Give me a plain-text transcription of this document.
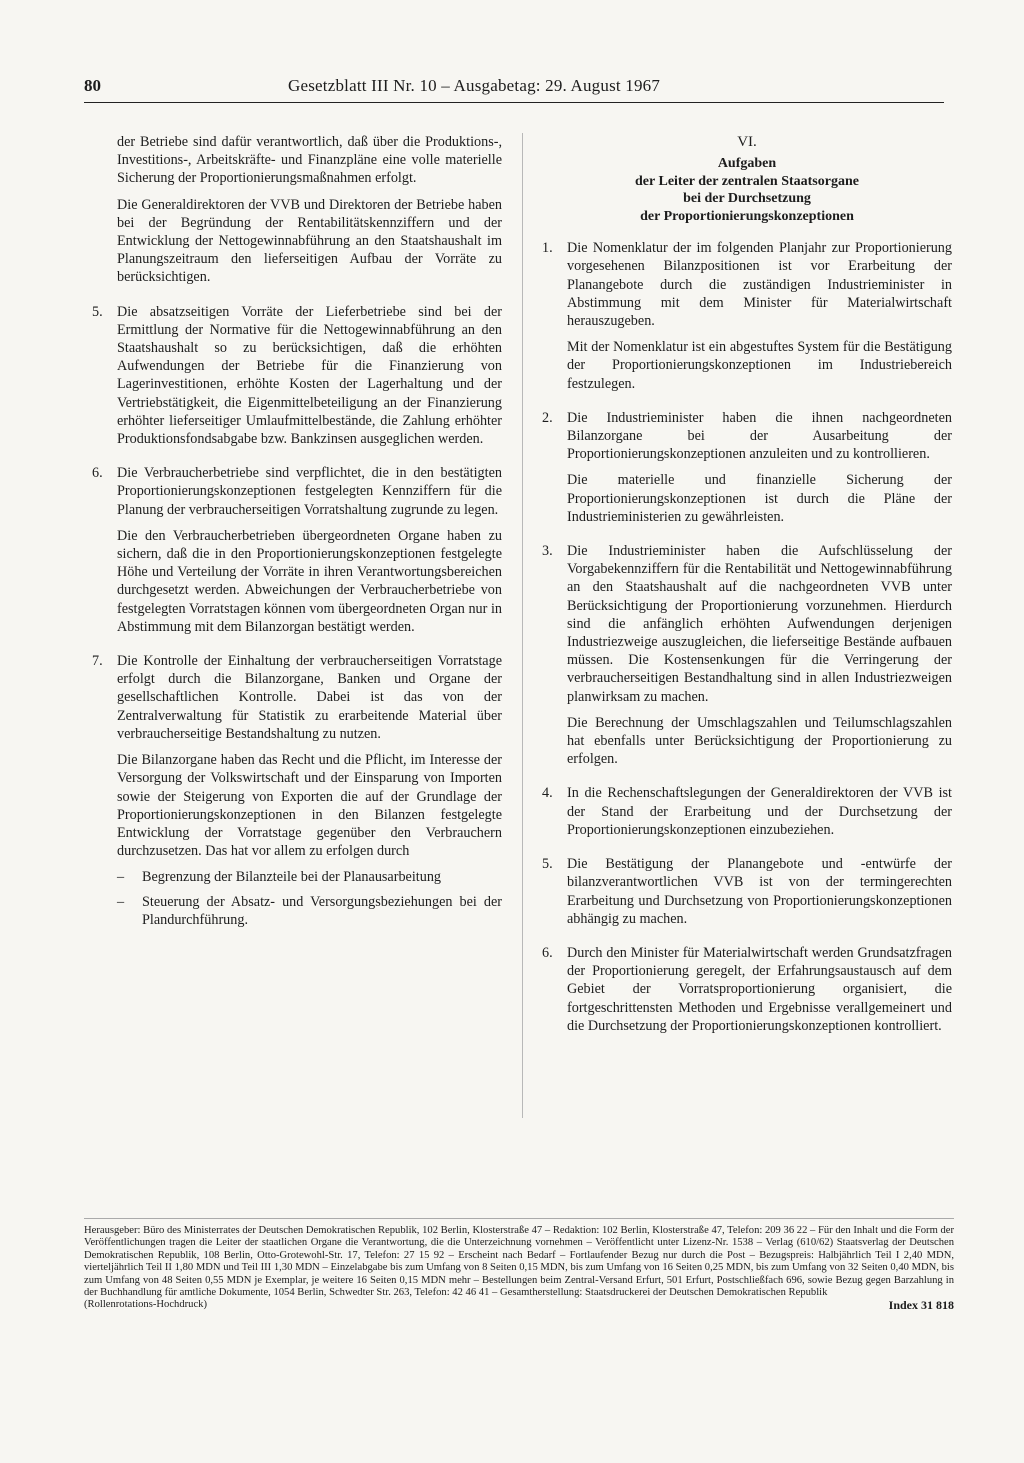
80	Gesetzblatt III Nr. 10 – Ausgabetag: 29. August 1967

der Betriebe sind dafür verantwortlich, daß über die Produktions-, Investitions-, Arbeitskräfte- und Finanzpläne eine volle materielle Sicherung der Proportionierungsmaßnahmen erfolgt.

Die Generaldirektoren der VVB und Direktoren der Betriebe haben bei der Begründung der Rentabilitätskennziffern und der Entwicklung der Nettogewinnabführung an den Staatshaushalt im Planungszeitraum den lieferseitigen Aufbau der Vorräte zu berücksichtigen.

5. Die absatzseitigen Vorräte der Lieferbetriebe sind bei der Ermittlung der Normative für die Nettogewinnabführung an den Staatshaushalt so zu berücksichtigen, daß die erhöhten Aufwendungen der Betriebe für die Finanzierung von Lagerinvestitionen, erhöhte Kosten der Lagerhaltung und der Vertriebstätigkeit, die Eigenmittelbeteiligung an der Finanzierung erhöhter lieferseitiger Umlaufmittelbestände, die Zahlung erhöhter Produktionsfondsabgabe bzw. Bankzinsen ausgeglichen werden.

6. Die Verbraucherbetriebe sind verpflichtet, die in den bestätigten Proportionierungskonzeptionen festgelegten Kennziffern für die Planung der verbraucherseitigen Vorratshaltung zugrunde zu legen.

Die den Verbraucherbetrieben übergeordneten Organe haben zu sichern, daß die in den Proportionierungskonzeptionen festgelegte Höhe und Verteilung der Vorräte in ihren Verantwortungsbereichen durchgesetzt werden. Abweichungen der Verbraucherbetriebe von festgelegten Vorratstagen können vom übergeordneten Organ nur in Abstimmung mit dem Bilanzorgan bestätigt werden.

7. Die Kontrolle der Einhaltung der verbraucherseitigen Vorratstage erfolgt durch die Bilanzorgane, Banken und Organe der gesellschaftlichen Kontrolle. Dabei ist das von der Zentralverwaltung für Statistik zu erarbeitende Material über verbraucherseitige Bestandshaltung zu nutzen.

Die Bilanzorgane haben das Recht und die Pflicht, im Interesse der Versorgung der Volkswirtschaft und der Einsparung von Importen sowie der Steigerung von Exporten die auf der Grundlage der Proportionierungskonzeptionen in den Bilanzen festgelegte Entwicklung der Vorratstage gegenüber den Verbrauchern durchzusetzen. Das hat vor allem zu erfolgen durch

– Begrenzung der Bilanzteile bei der Planausarbeitung
– Steuerung der Absatz- und Versorgungsbeziehungen bei der Plandurchführung.
VI.
Aufgaben
der Leiter der zentralen Staatsorgane
bei der Durchsetzung
der Proportionierungskonzeptionen
1. Die Nomenklatur der im folgenden Planjahr zur Proportionierung vorgesehenen Bilanzpositionen ist vor Erarbeitung der Planangebote durch die zuständigen Industrieminister in Abstimmung mit dem Minister für Materialwirtschaft herauszugeben.

Mit der Nomenklatur ist ein abgestuftes System für die Bestätigung der Proportionierungskonzeptionen im Industriebereich festzulegen.

2. Die Industrieminister haben die ihnen nachgeordneten Bilanzorgane bei der Ausarbeitung der Proportionierungskonzeptionen anzuleiten und zu kontrollieren.

Die materielle und finanzielle Sicherung der Proportionierungskonzeptionen ist durch die Pläne der Industrieministerien zu gewährleisten.

3. Die Industrieminister haben die Aufschlüsselung der Vorgabekennziffern für die Rentabilität und Nettogewinnabführung an den Staatshaushalt auf die nachgeordneten VVB unter Berücksichtigung der Proportionierung vorzunehmen. Hierdurch sind die anfänglich erhöhten Aufwendungen derjenigen Industriezweige auszugleichen, die lieferseitige Bestände aufbauen müssen. Die Kostensenkungen für die Verringerung der verbraucherseitigen Bestandhaltung sind in allen Industriezweigen planwirksam zu machen.

Die Berechnung der Umschlagszahlen und Teilumschlagszahlen hat ebenfalls unter Berücksichtigung der Proportionierung zu erfolgen.

4. In die Rechenschaftslegungen der Generaldirektoren der VVB ist der Stand der Erarbeitung und der Durchsetzung der Proportionierungskonzeptionen einzubeziehen.

5. Die Bestätigung der Planangebote und -entwürfe der bilanzverantwortlichen VVB ist von der termingerechten Erarbeitung und Durchsetzung von Proportionierungskonzeptionen abhängig zu machen.

6. Durch den Minister für Materialwirtschaft werden Grundsatzfragen der Proportionierung geregelt, der Erfahrungsaustausch auf dem Gebiet der Vorratsproportionierung organisiert, die fortgeschrittensten Methoden und Ergebnisse verallgemeinert und die Durchsetzung der Proportionierungskonzeptionen kontrolliert.

Herausgeber: Büro des Ministerrates der Deutschen Demokratischen Republik, 102 Berlin, Klosterstraße 47 – Redaktion: 102 Berlin, Klosterstraße 47, Telefon: 209 36 22 – Für den Inhalt und die Form der Veröffentlichungen tragen die Leiter der staatlichen Organe die Verantwortung, die die Unterzeichnung vornehmen – Veröffentlicht unter Lizenz-Nr. 1538 – Verlag (610/62) Staatsverlag der Deutschen Demokratischen Republik, 108 Berlin, Otto-Grotewohl-Str. 17, Telefon: 27 15 92 – Erscheint nach Bedarf – Fortlaufender Bezug nur durch die Post – Bezugspreis: Halbjährlich Teil I 2,40 MDN, vierteljährlich Teil II 1,80 MDN und Teil III 1,30 MDN – Einzelabgabe bis zum Umfang von 8 Seiten 0,15 MDN, bis zum Umfang von 16 Seiten 0,25 MDN, bis zum Umfang von 32 Seiten 0,40 MDN, bis zum Umfang von 48 Seiten 0,55 MDN je Exemplar, je weitere 16 Seiten 0,15 MDN mehr – Bestellungen beim Zentral-Versand Erfurt, 501 Erfurt, Postschließfach 696, sowie Bezug gegen Barzahlung in der Buchhandlung für amtliche Dokumente, 1054 Berlin, Schwedter Str. 263, Telefon: 42 46 41 – Gesamtherstellung: Staatsdruckerei der Deutschen Demokratischen Republik
(Rollenrotations-Hochdruck)	Index 31 818
